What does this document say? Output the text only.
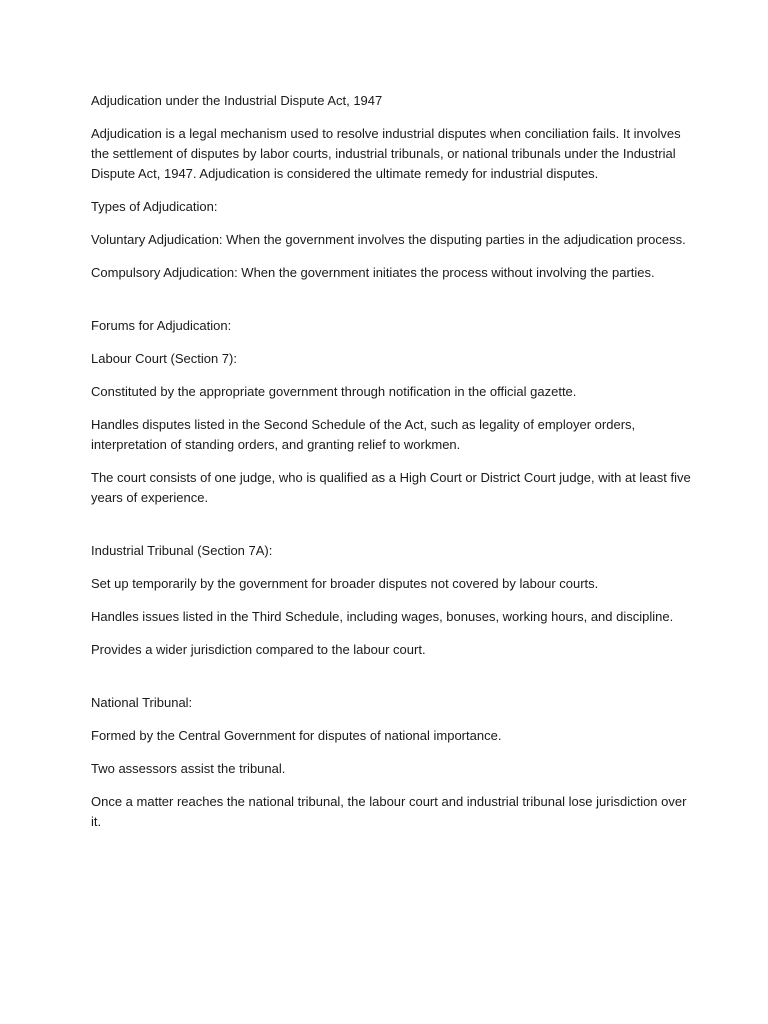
Adjudication under the Industrial Dispute Act, 1947

Adjudication is a legal mechanism used to resolve industrial disputes when conciliation fails. It involves the settlement of disputes by labor courts, industrial tribunals, or national tribunals under the Industrial Dispute Act, 1947. Adjudication is considered the ultimate remedy for industrial disputes.

Types of Adjudication:

Voluntary Adjudication: When the government involves the disputing parties in the adjudication process.

Compulsory Adjudication: When the government initiates the process without involving the parties.

Forums for Adjudication:

Labour Court (Section 7):

Constituted by the appropriate government through notification in the official gazette.

Handles disputes listed in the Second Schedule of the Act, such as legality of employer orders, interpretation of standing orders, and granting relief to workmen.

The court consists of one judge, who is qualified as a High Court or District Court judge, with at least five years of experience.

Industrial Tribunal (Section 7A):

Set up temporarily by the government for broader disputes not covered by labour courts.

Handles issues listed in the Third Schedule, including wages, bonuses, working hours, and discipline.

Provides a wider jurisdiction compared to the labour court.

National Tribunal:

Formed by the Central Government for disputes of national importance.

Two assessors assist the tribunal.

Once a matter reaches the national tribunal, the labour court and industrial tribunal lose jurisdiction over it.
